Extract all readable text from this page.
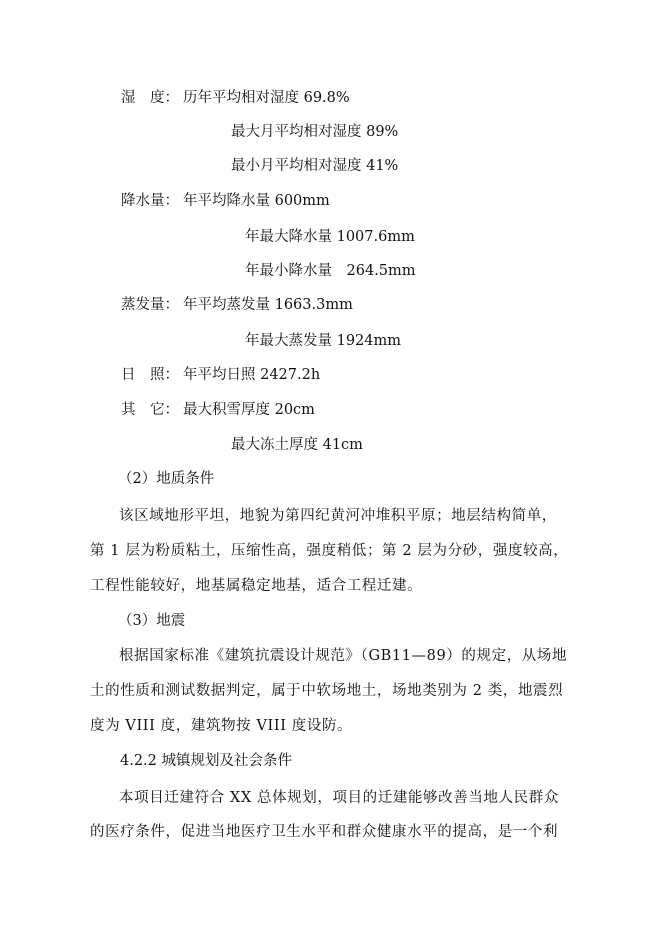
湿　度： 历年平均相对湿度 69.8%
最大月平均相对湿度 89%
最小月平均相对湿度 41%
降水量： 年平均降水量 600mm
年最大降水量 1007.6mm
年最小降水量　264.5mm
蒸发量： 年平均蒸发量 1663.3mm
年最大蒸发量 1924mm
日　照： 年平均日照 2427.2h
其　它： 最大积雪厚度 20cm
最大冻土厚度 41cm
（2）地质条件
该区域地形平坦，地貌为第四纪黄河冲堆积平原；地层结构简单，
第 1 层为粉质粘土，压缩性高，强度稍低；第 2 层为分砂，强度较高，
工程性能较好，地基属稳定地基，适合工程迁建。
（3）地震
根据国家标准《建筑抗震设计规范》（GB11—89）的规定，从场地
土的性质和测试数据判定，属于中软场地土，场地类别为 2 类，地震烈
度为 VIII 度，建筑物按 VIII 度设防。
4.2.2 城镇规划及社会条件
本项目迁建符合 XX 总体规划，项目的迁建能够改善当地人民群众
的医疗条件，促进当地医疗卫生水平和群众健康水平的提高，是一个利
